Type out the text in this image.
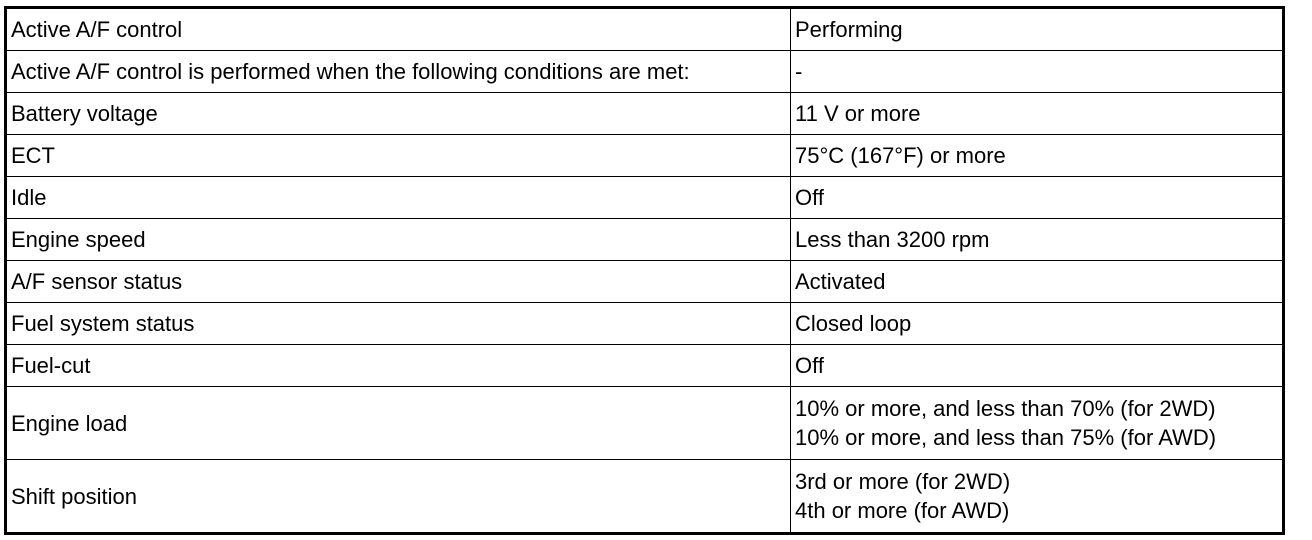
Active A/F control	Performing

Active A/F control is performed when the following conditions are met:	-

Battery voltage	11 V or more

ECT	75°C (167°F) or more

Idle	Off

Engine speed	Less than 3200 rpm

A/F sensor status	Activated

Fuel system status	Closed loop

Fuel-cut	Off

Engine load	10% or more, and less than 70% (for 2WD)
10% or more, and less than 75% (for AWD)

Shift position	3rd or more (for 2WD)
4th or more (for AWD)
